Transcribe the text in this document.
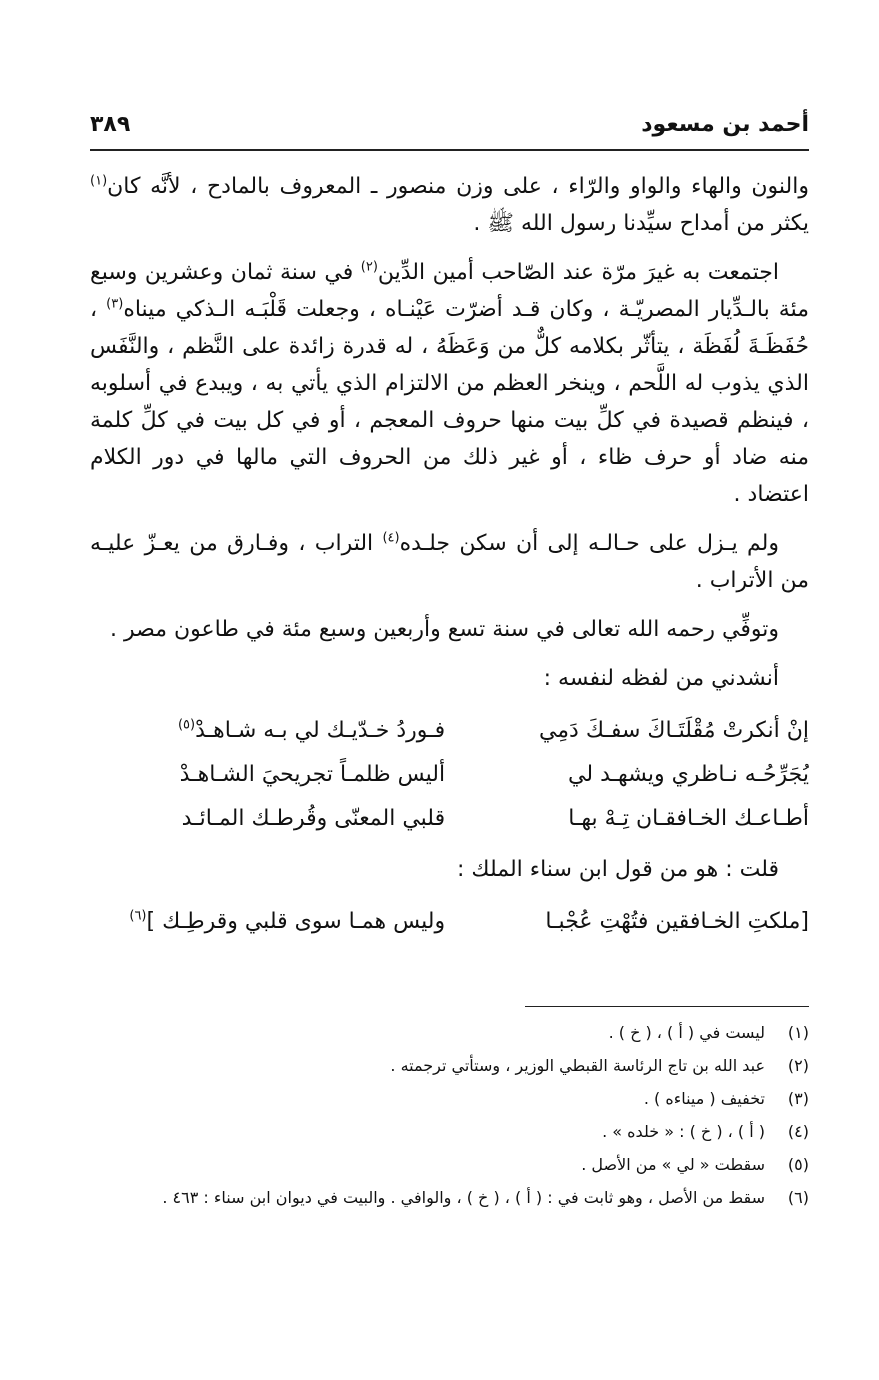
أحمد بن مسعود
٣٨٩

والنون والهاء والواو والرّاء ، على وزن منصور ـ المعروف بالمادح ، لأنَّه كان$^{(١)}$ يكثر من أمداح سيِّدنا رسول الله ﷺ .

اجتمعت به غيرَ مرّة عند الصّاحب أمين الدِّين$^{(٢)}$ في سنة ثمان وعشرين وسبع مئة بالـدِّيار المصريّـة ، وكان قـد أضرّت عَيْنـاه ، وجعلت قَلْبَـه الـذكي ميناه$^{(٣)}$ ، حُفَظَـةَ لُفَظَة ، يتأثّر بكلامه كلٌّ من وَعَظَهُ ، له قدرة زائدة على النَّظم ، والنَّفَس الذي يذوب له اللَّحم ، وينخر العظم من الالتزام الذي يأتي به ، ويبدع في أسلوبه ، فينظم قصيدة في كلِّ بيت منها حروف المعجم ، أو في كل بيت في كلِّ كلمة منه ضاد أو حرف ظاء ، أو غير ذلك من الحروف التي مالها في دور الكلام اعتضاد .

ولم يـزل على حـالـه إلى أن سكن جلـده$^{(٤)}$ التراب ، وفـارق من يعـزّ عليـه من الأتراب .

وتوفِّي رحمه الله تعالى في سنة تسع وأربعين وسبع مئة في طاعون مصر .

أنشدني من لفظه لنفسه :

إنْ أنكرتْ مُقْلَتَـاكَ سفـكَ دَمِي
فـوردُ خـدّيـك لي بـه شـاهـدْ$^{(٥)}$
يُجَرِّحُـه نـاظري ويشهـد لي
أليس ظلمـاً تجريحيَ الشـاهـدْ
أطـاعـك الخـافقـان تِـهْ بهـا
قلبي المعنّى وقُرطـك المـائـد

قلت : هو من قول ابن سناء الملك :

[ملكتِ الخـافقين فتُهْتِ عُجْبـا
وليس همـا سوى قلبي وقرطِـك ]$^{(٦)}$
(١)
ليست في ( أ ) ، ( خ ) .
(٢)
عبد الله بن تاج الرئاسة القبطي الوزير ، وستأتي ترجمته .
(٣)
تخفيف ( ميناءه ) .
(٤)
( أ ) ، ( خ ) : « خلده » .
(٥)
سقطت « لي » من الأصل .
(٦)
سقط من الأصل ، وهو ثابت في : ( أ ) ، ( خ ) ، والوافي . والبيت في ديوان ابن سناء : ٤٦٣ .
